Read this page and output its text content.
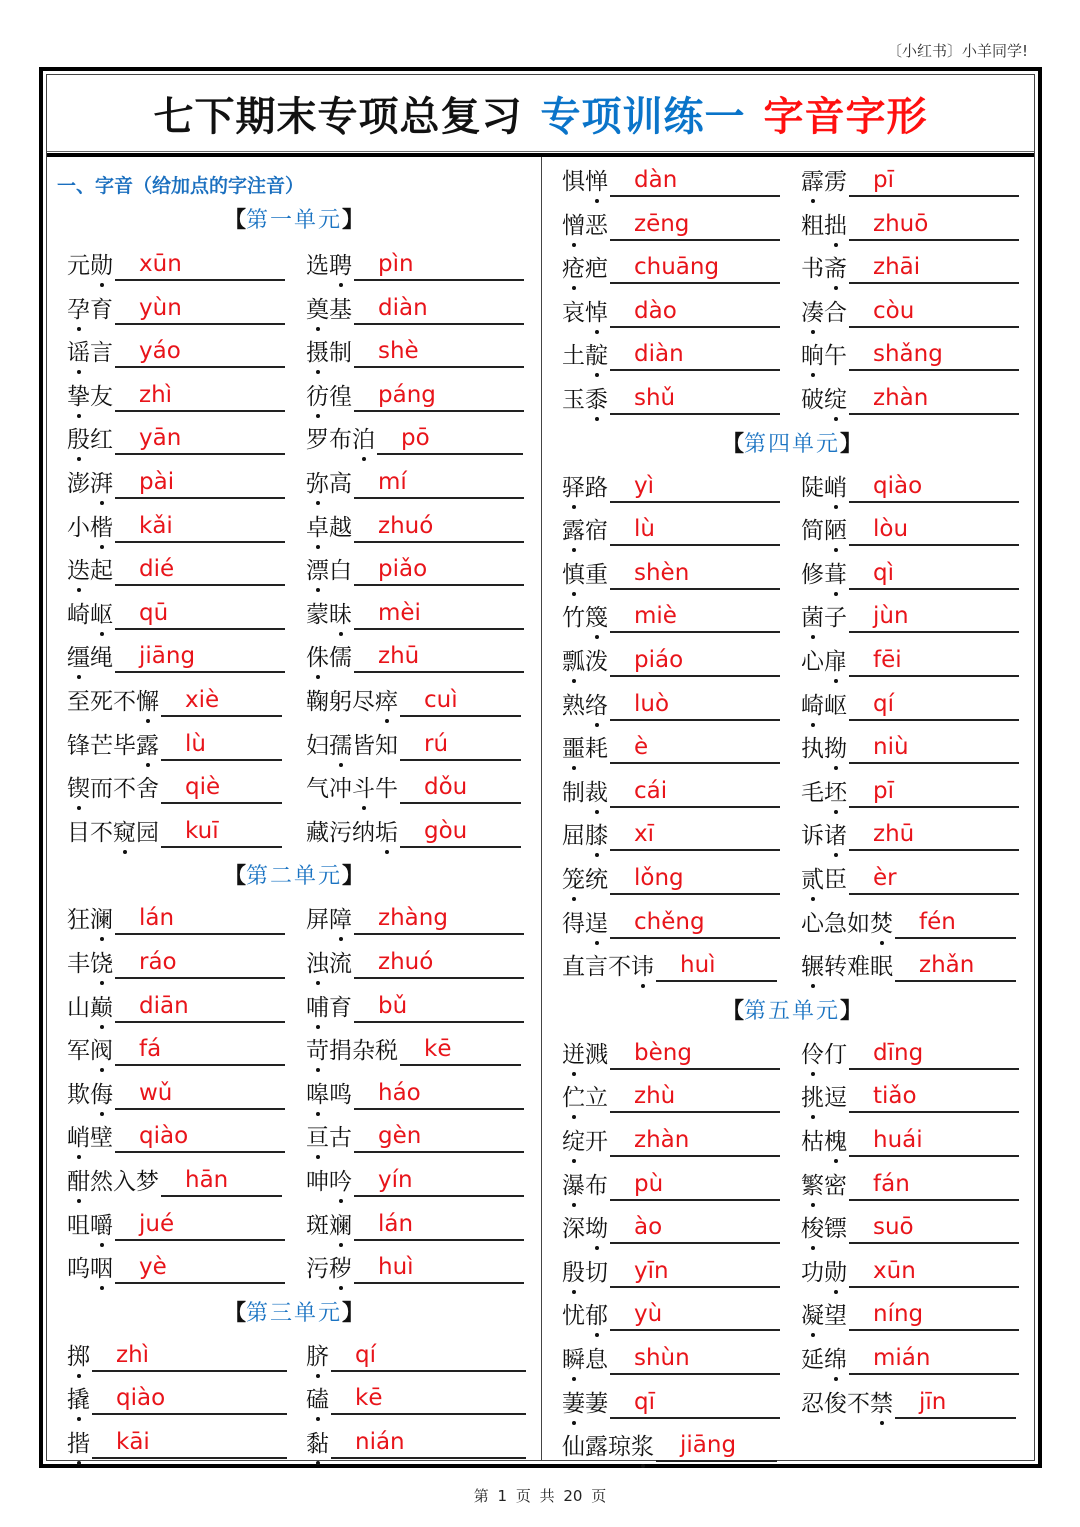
〔小红书〕小羊同学!
七下期末专项总复习 专项训练一 字音字形
一、字音（给加点的字注音）
【第一单元】
元 勋 xūn	选 聘 pìn
孕 育 yùn	奠 基 diàn
谣 言 yáo	摄 制 shè
挚 友 zhì	彷 徨 páng
殷 红 yān	罗 布 泊 pō
澎 湃 pài	弥 高 mí
小 楷 kǎi	卓 越 zhuó
迭 起 dié	漂 白 piǎo
崎 岖 qū	蒙 昧 mèi
缰 绳 jiāng	侏 儒 zhū
至 死 不 懈 xiè	鞠 躬 尽 瘁 cuì
锋 芒 毕 露 lù	妇 孺 皆 知 rú
锲 而 不 舍 qiè	气 冲 斗 牛 dǒu
目 不 窥 园 kuī	藏 污 纳 垢 gòu
【第二单元】
狂 澜 lán	屏 障 zhàng
丰 饶 ráo	浊 流 zhuó
山 巅 diān	哺 育 bǔ
军 阀 fá	苛 捐 杂 税 kē
欺 侮 wǔ	嗥 鸣 háo
峭 壁 qiào	亘 古 gèn
酣 然 入 梦 hān	呻 吟 yín
咀 嚼 jué	斑 斓 lán
呜 咽 yè	污 秽 huì
【第三单元】
掷 zhì	脐 qí
撬 qiào	磕 kē
揩 kāi	黏 nián
惧 惮 dàn	霹 雳 pī
憎 恶 zēng	粗 拙 zhuō
疮 疤 chuāng	书 斋 zhāi
哀 悼 dào	凑 合 còu
土 靛 diàn	晌 午 shǎng
玉 黍 shǔ	破 绽 zhàn
【第四单元】
驿 路 yì	陡 峭 qiào
露 宿 lù	简 陋 lòu
慎 重 shèn	修 葺 qì
竹 篾 miè	菌 子 jùn
瓢 泼 piáo	心 扉 fēi
熟 络 luò	崎 岖 qí
噩 耗 è	执 拗 niù
制 裁 cái	毛 坯 pī
屈 膝 xī	诉 诸 zhū
笼 统 lǒng	贰 臣 èr
得 逞 chěng	心 急 如 焚 fén
直 言 不 讳 huì	辗 转 难 眠 zhǎn
【第五单元】
迸 溅 bèng	伶 仃 dīng
伫 立 zhù	挑 逗 tiǎo
绽 开 zhàn	枯 槐 huái
瀑 布 pù	繁 密 fán
深 坳 ào	梭 镖 suō
殷 切 yīn	功 勋 xūn
忧 郁 yù	凝 望 níng
瞬 息 shùn	延 绵 mián
萋 萋 qī	忍 俊 不 禁 jīn
仙 露 琼 浆 jiāng
第 1 页 共 20 页
